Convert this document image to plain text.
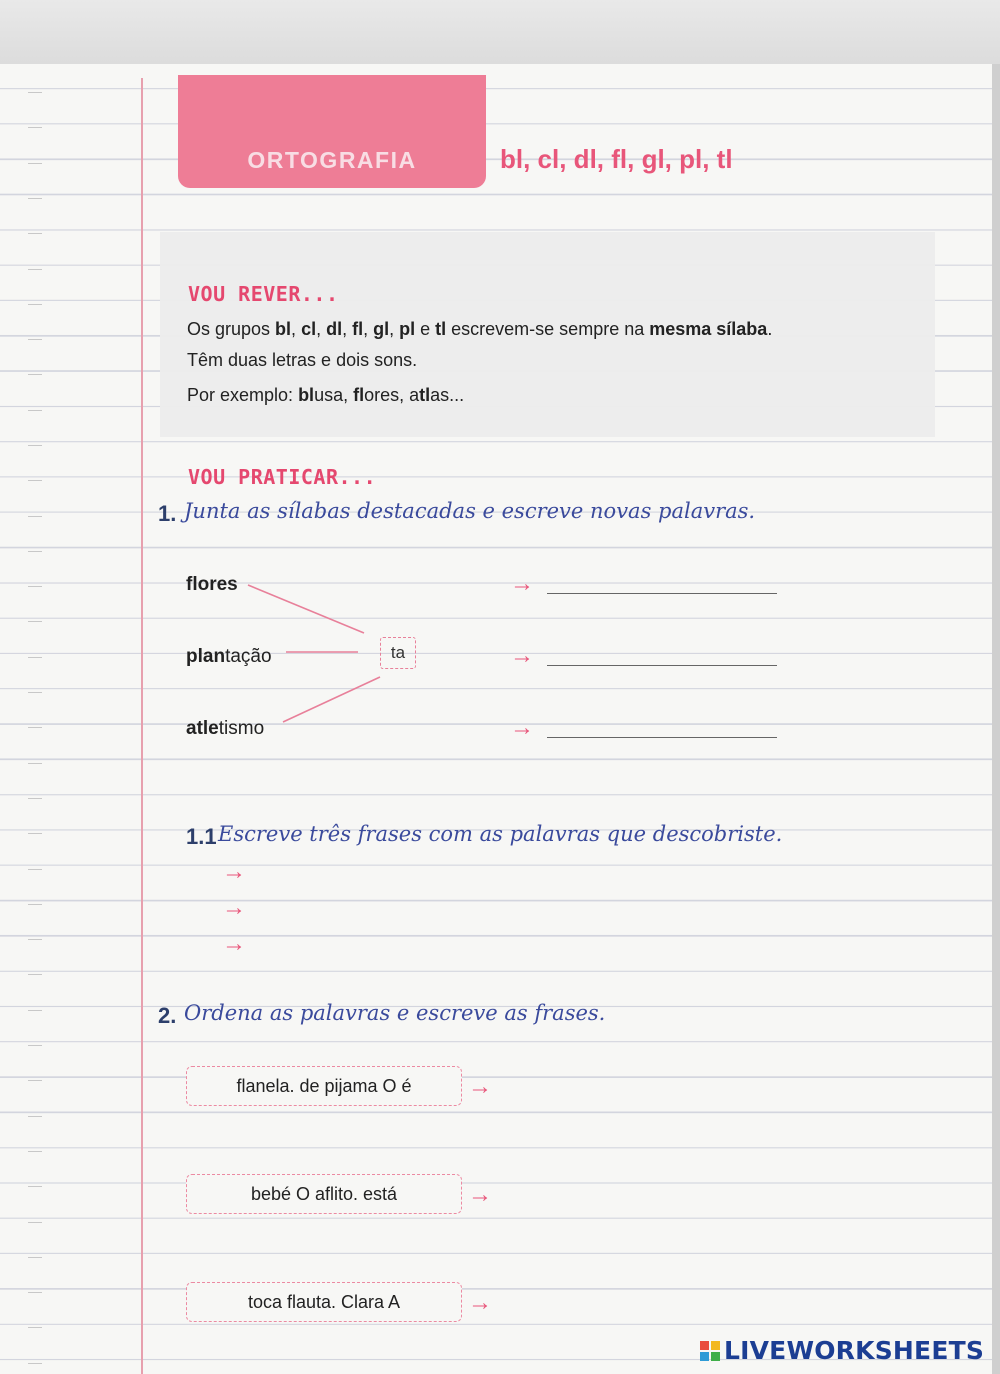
ORTOGRAFIA	bl, cl, dl, fl, gl, pl, tl
VOU REVER...
Os grupos bl, cl, dl, fl, gl, pl e tl escrevem-se sempre na mesma sílaba.
Têm duas letras e dois sons.
Por exemplo: blusa, flores, atlas...
VOU PRATICAR...
1. Junta as sílabas destacadas e escreve novas palavras.
flores
plantação
atletismo
ta
→
→
→
1.1 Escreve três frases com as palavras que descobriste.
→
→
→
2. Ordena as palavras e escreve as frases.
flanela. de pijama O é	→
bebé O aflito. está	→
toca flauta. Clara A	→
LIVEWORKSHEETS
